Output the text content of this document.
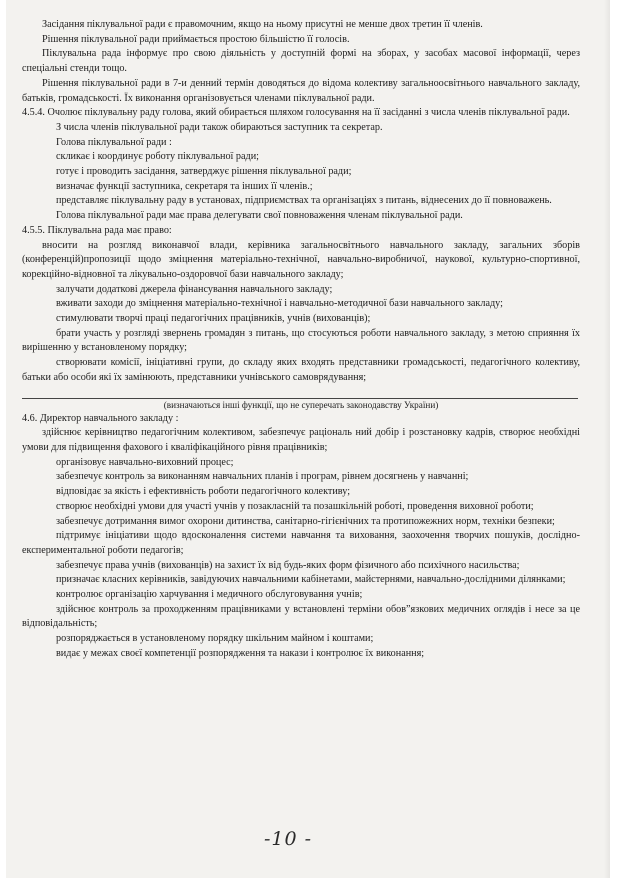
Засідання піклувальної ради є правомочним, якщо на ньому присутні не менше двох третин її членів.

Рішення піклувальної ради приймається простою більшістю її голосів.

Піклувальна рада інформує про свою діяльність у доступній формі на зборах, у засобах масової інформації, через спеціальні стенди тощо.

Рішення піклувальної ради в 7-и денний термін доводяться до відома колективу загальноосвітнього навчального закладу, батьків, громадськості. Їх виконання організовується членами піклувальної ради.

4.5.4. Очолює піклувальну раду голова, який обирається шляхом голосування на її засіданні з числа членів піклувальної ради.

З числа членів піклувальної ради також обираються заступник та секретар.

Голова піклувальної ради :

скликає і координує роботу піклувальної ради;

готує і проводить засідання, затверджує рішення піклувальної ради;

визначає функції заступника, секретаря та інших її членів.;

представляє піклувальну раду в установах, підприємствах та організаціях з питань, віднесених до її повноважень.

Голова піклувальної ради має права делегувати свої повноваження членам піклувальної ради.

4.5.5. Піклувальна рада має право:

вносити на розгляд виконавчої влади, керівника загальносвітнього навчального закладу, загальних зборів (конференцій)пропозиції щодо зміцнення матеріально-технічної, навчально-виробничої, наукової, культурно-спортивної, корекційно-відновної та лікувально-оздоровчої бази навчального закладу;

залучати додаткові джерела фінансування навчального закладу;

вживати заходи до зміцнення матеріально-технічної і навчально-методичної бази навчального закладу;

стимулювати творчі праці педагогічних працівників, учнів (вихованців);

брати участь у розгляді звернень громадян з питань, що стосуються роботи навчального закладу, з метою сприяння їх вирішенню у встановленому порядку;

створювати комісії, ініціативні групи, до складу яких входять представники громадськості, педагогічного колективу, батьки або особи які їх замінюють, представники учнівського самоврядування;

(визначаються інші функції, що не суперечать законодавству України)

4.6. Директор навчального закладу :

здійснює керівництво педагогічним колективом, забезпечує раціональ ний добір і розстановку кадрів, створює необхідні умови для підвищення фахового і кваліфікаційного рівня працівників;

організовує навчально-виховний процес;

забезпечує контроль за виконанням навчальних планів і програм, рівнем досягнень у навчанні;

відповідає за якість і ефективність роботи педагогічного колективу;

створює необхідні умови для участі учнів у позакласній та позашкільній роботі, проведення виховної роботи;

забезпечує дотримання вимог охорони дитинства, санітарно-гігієнічних та протипожежних норм, техніки безпеки;

підтримує ініціативи щодо вдосконалення системи навчання та виховання, заохочення творчих пошуків, дослідно-експериментальної роботи педагогів;

забезпечує права учнів (вихованців) на захист їх від будь-яких форм фізичного або психічного насильства;

призначає класних керівників, завідуючих навчальними кабінетами, майстернями, навчально-дослідними ділянками;

контролює організацію харчування і медичного обслуговування учнів;

здійснює контроль за проходженням працівниками у встановлені терміни обов”язкових медичних оглядів і несе за це відповідальність;

розпоряджається в установленому порядку шкільним майном і коштами;

видає у межах своєї компетенції розпорядження та накази і контролює їх виконання;

-10 -
